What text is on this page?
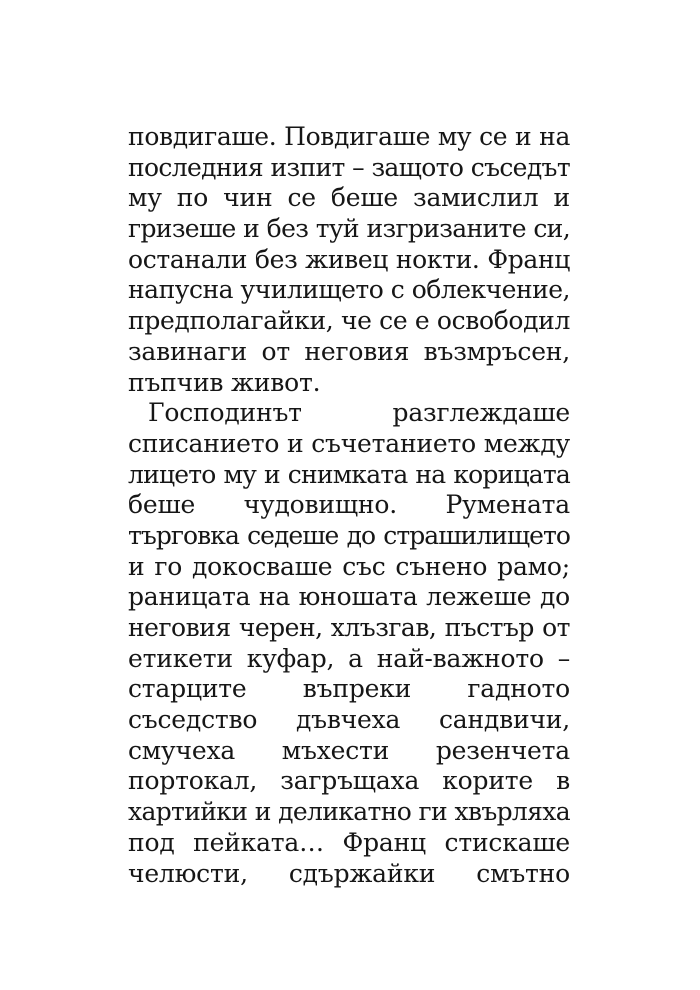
повдигаше. Повдигаше му се и на
последния изпит – защото съседът
му по чин се беше замислил и
гризеше и без туй изгризаните си,
останали без живец нокти. Франц
напусна училището с облекчение,
предполагайки, че се е освободил
завинаги от неговия възмръсен,
пъпчив живот.
Господинът разглеждаше
списанието и съчетанието между
лицето му и снимката на корицата
беше чудовищно. Румената
търговка седеше до страшилището
и го докосваше със сънено рамо;
раницата на юношата лежеше до
неговия черен, хлъзгав, пъстър от
етикети куфар, а най-важното –
старците въпреки гадното
съседство дъвчеха сандвичи,
смучеха мъхести резенчета
портокал, загръщаха корите в
хартийки и деликатно ги хвърляха
под пейката… Франц стискаше
челюсти, сдържайки смътно
